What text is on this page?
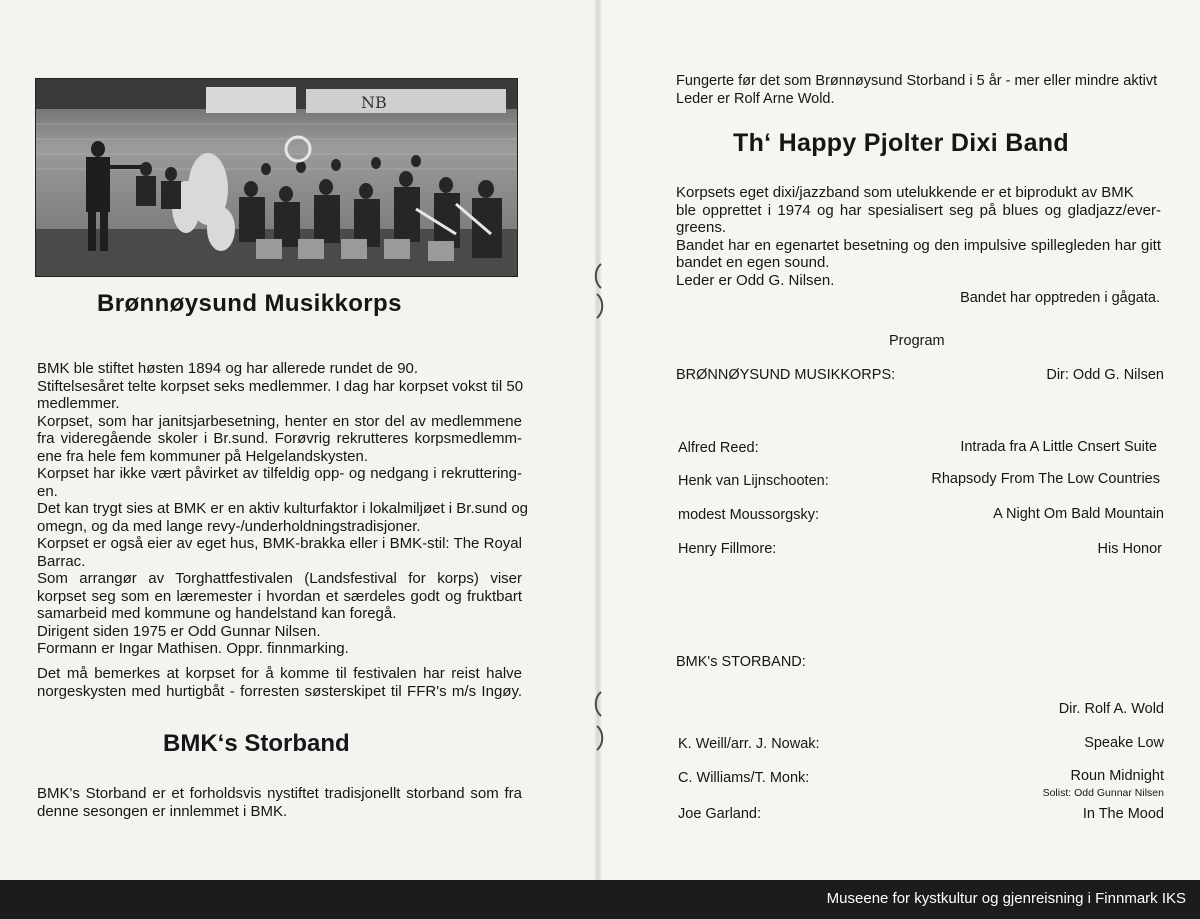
NB
Brønnøysund Musikkorps
BMK ble stiftet høsten 1894 og har allerede rundet de 90.
Stiftelsesåret telte korpset seks medlemmer. I dag har korpset vokst til 50
medlemmer.
Korpset, som har janitsjarbesetning, henter en stor del av medlemmene
fra videregående skoler i Br.sund. Forøvrig rekrutteres korpsmedlemm-
ene fra hele fem kommuner på Helgelandskysten.
Korpset har ikke vært påvirket av tilfeldig opp- og nedgang i rekruttering-
en.
Det kan trygt sies at BMK er en aktiv kulturfaktor i lokalmiljøet i Br.sund og
omegn, og da med lange revy-/underholdningstradisjoner.
Korpset er også eier av eget hus, BMK-brakka eller i BMK-stil: The Royal
Barrac.
Som arrangør av Torghattfestivalen (Landsfestival for korps) viser
korpset seg som en læremester i hvordan et særdeles godt og fruktbart
samarbeid med kommune og handelstand kan foregå.
Dirigent siden 1975 er Odd Gunnar Nilsen.
Formann er Ingar Mathisen. Oppr. finnmarking.
Det må bemerkes at korpset for å komme til festivalen har reist halve
norgeskysten med hurtigbåt - forresten søsterskipet til FFR's m/s Ingøy.
BMK‘s Storband
BMK's Storband er et forholdsvis nystiftet tradisjonellt storband som fra
denne sesongen er innlemmet i BMK.
Fungerte før det som Brønnøysund Storband i 5 år - mer eller mindre aktivt
Leder er Rolf Arne Wold.
Th‘ Happy Pjolter Dixi Band
Korpsets eget dixi/jazzband som utelukkende er et biprodukt av BMK
ble opprettet i 1974 og har spesialisert seg på blues og gladjazz/ever-
greens.
Bandet har en egenartet besetning og den impulsive spillegleden har gitt
bandet en egen sound.
Leder er Odd G. Nilsen.
Bandet har opptreden i gågata.
Program
BRØNNØYSUND MUSIKKORPS:	Dir: Odd G. Nilsen
Alfred Reed:	Intrada fra A Little Cnsert Suite
Henk van Lijnschooten:	Rhapsody From The Low Countries
modest Moussorgsky:	A Night Om Bald Mountain
Henry Fillmore:	His Honor
BMK's STORBAND:
Dir. Rolf A. Wold
K. Weill/arr. J. Nowak:	Speake Low
C. Williams/T. Monk:	Roun Midnight
Solist: Odd Gunnar Nilsen
Joe Garland:	In The Mood
Museene for kystkultur og gjenreisning i Finnmark IKS
